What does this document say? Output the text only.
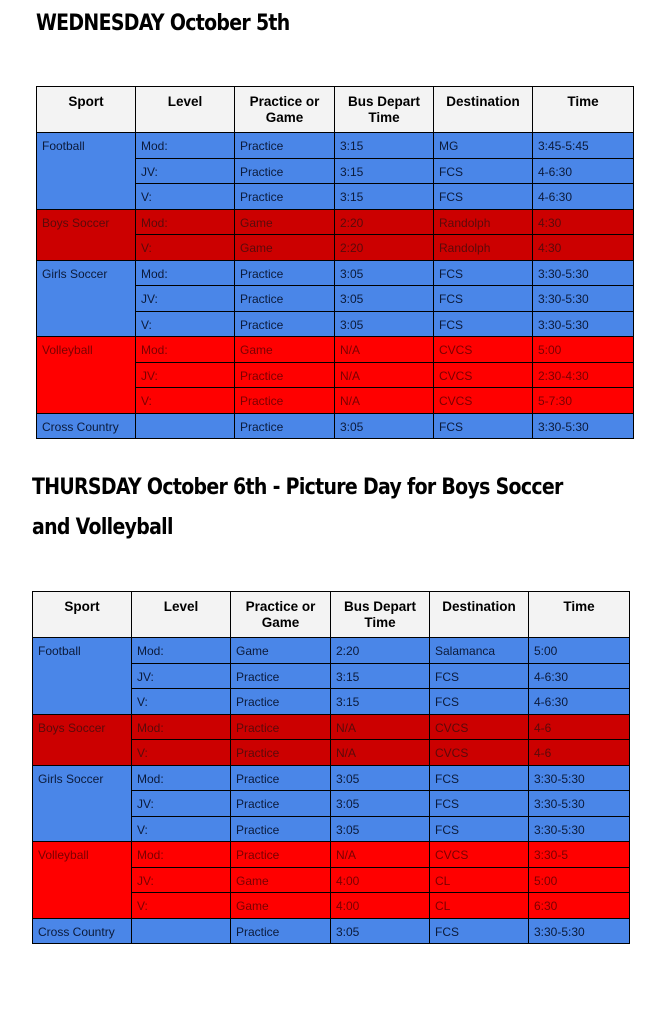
WEDNESDAY October 5th
Sport	Level	Practice or Game	Bus Depart Time	Destination	Time
Football	Mod:	Practice	3:15	MG	3:45-5:45
	JV:	Practice	3:15	FCS	4-6:30
	V:	Practice	3:15	FCS	4-6:30
Boys Soccer	Mod:	Game	2:20	Randolph	4:30
	V:	Game	2:20	Randolph	4:30
Girls Soccer	Mod:	Practice	3:05	FCS	3:30-5:30
	JV:	Practice	3:05	FCS	3:30-5:30
	V:	Practice	3:05	FCS	3:30-5:30
Volleyball	Mod:	Game	N/A	CVCS	5:00
	JV:	Practice	N/A	CVCS	2:30-4:30
	V:	Practice	N/A	CVCS	5-7:30
Cross Country		Practice	3:05	FCS	3:30-5:30
THURSDAY October 6th - Picture Day for Boys Soccer and Volleyball
Sport	Level	Practice or Game	Bus Depart Time	Destination	Time
Football	Mod:	Game	2:20	Salamanca	5:00
	JV:	Practice	3:15	FCS	4-6:30
	V:	Practice	3:15	FCS	4-6:30
Boys Soccer	Mod:	Practice	N/A	CVCS	4-6
	V:	Practice	N/A	CVCS	4-6
Girls Soccer	Mod:	Practice	3:05	FCS	3:30-5:30
	JV:	Practice	3:05	FCS	3:30-5:30
	V:	Practice	3:05	FCS	3:30-5:30
Volleyball	Mod:	Practice	N/A	CVCS	3:30-5
	JV:	Game	4:00	CL	5:00
	V:	Game	4:00	CL	6:30
Cross Country		Practice	3:05	FCS	3:30-5:30
